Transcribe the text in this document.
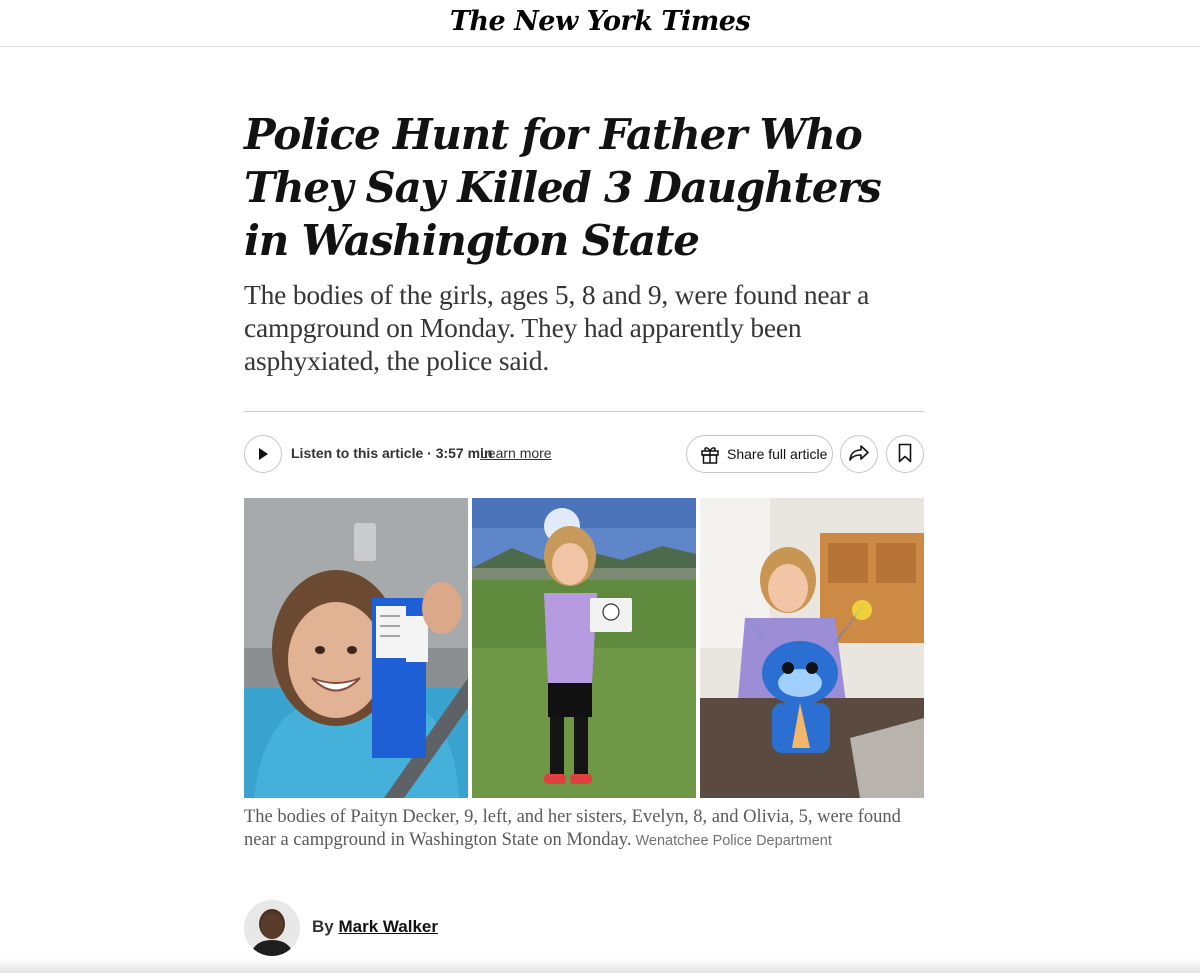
The New York Times
Police Hunt for Father Who They Say Killed 3 Daughters in Washington State

The bodies of the girls, ages 5, 8 and 9, were found near a campground on Monday. They had apparently been asphyxiated, the police said.

Listen to this article · 3:57 min
Learn more	Share full article

The bodies of Paityn Decker, 9, left, and her sisters, Evelyn, 8, and Olivia, 5, were found near a campground in Washington State on Monday. Wenatchee Police Department

By Mark Walker
